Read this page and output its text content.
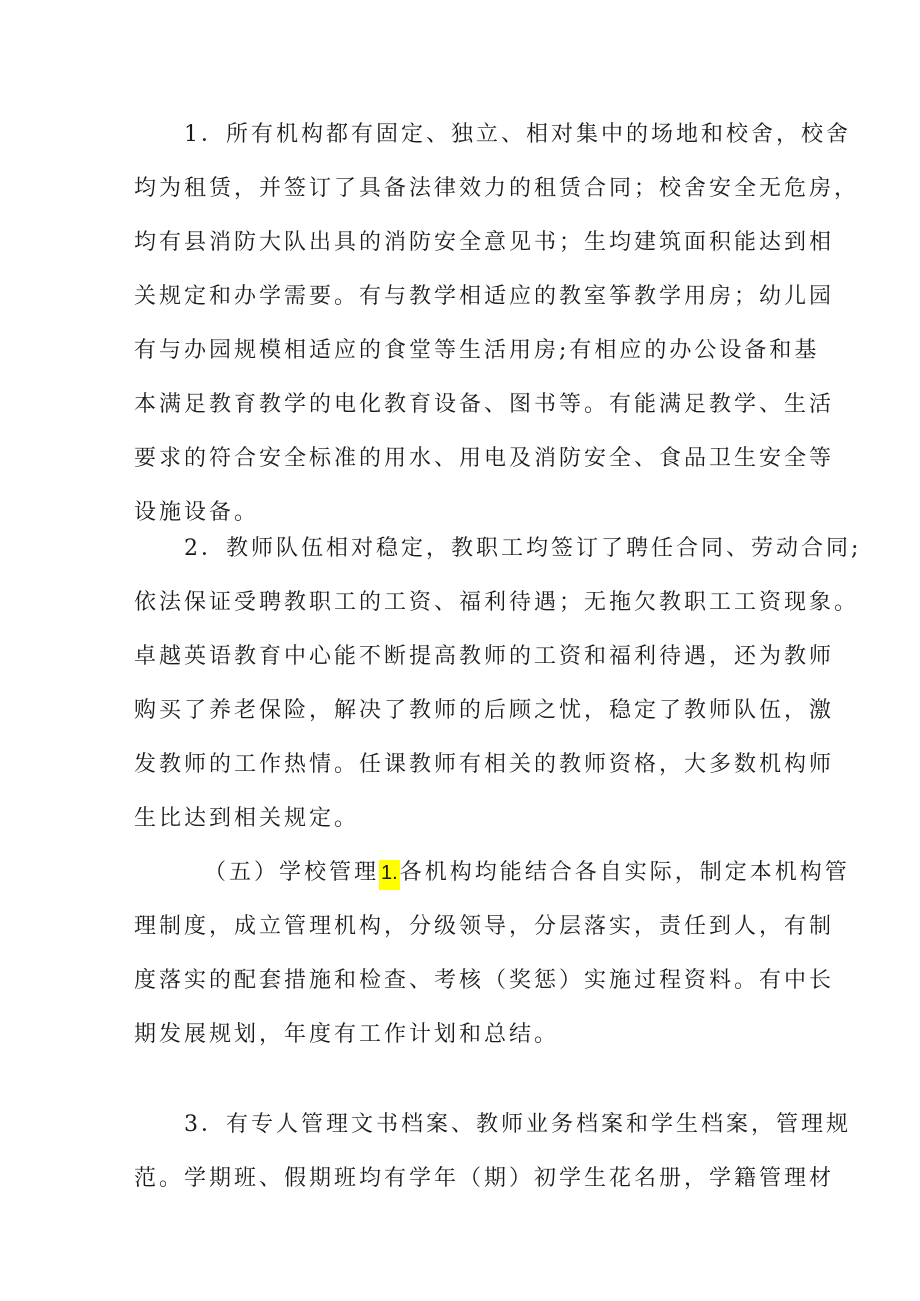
1．所有机构都有固定、独立、相对集中的场地和校舍，校舍
均为租赁，并签订了具备法律效力的租赁合同；校舍安全无危房，
均有县消防大队出具的消防安全意见书；生均建筑面积能达到相
关规定和办学需要。有与教学相适应的教室筝教学用房；幼儿园
有与办园规模相适应的食堂等生活用房;有相应的办公设备和基
本满足教育教学的电化教育设备、图书等。有能满足教学、生活
要求的符合安全标准的用水、用电及消防安全、食品卫生安全等
设施设备。
2．教师队伍相对稳定，教职工均签订了聘任合同、劳动合同;
依法保证受聘教职工的工资、福利待遇；无拖欠教职工工资现象。
卓越英语教育中心能不断提高教师的工资和福利待遇，还为教师
购买了养老保险，解决了教师的后顾之忧，稳定了教师队伍，激
发教师的工作热情。任课教师有相关的教师资格，大多数机构师
生比达到相关规定。
（五）学校管理 1.各机构均能结合各自实际，制定本机构管
理制度，成立管理机构，分级领导，分层落实，责任到人，有制
度落实的配套措施和检查、考核（奖惩）实施过程资料。有中长
期发展规划，年度有工作计划和总结。
3．有专人管理文书档案、教师业务档案和学生档案，管理规
范。学期班、假期班均有学年（期）初学生花名册，学籍管理材
